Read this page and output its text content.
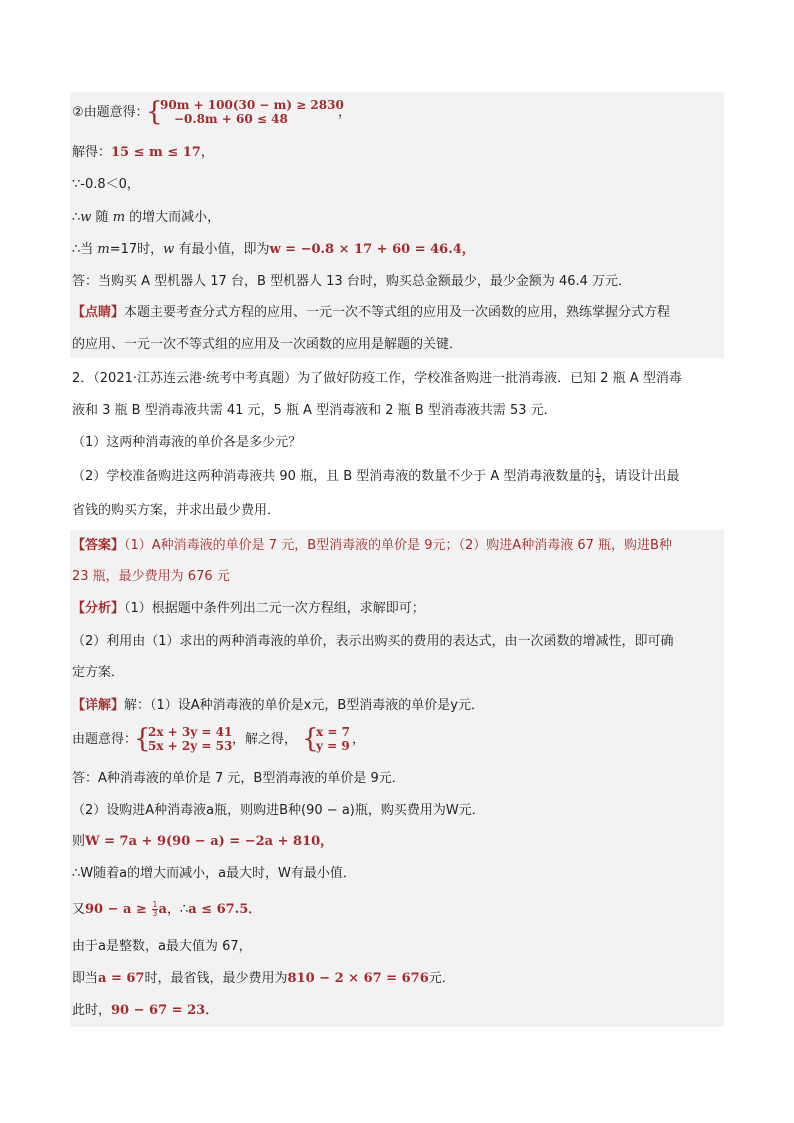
②由题意得：
{
90m + 100(30 − m) ≥ 2830
−0.8m + 60 ≤ 48	，
解得：15 ≤ m ≤ 17，
∵-0.8＜0，
∴w 随 m 的增大而减小，
∴当 m=17时，w 有最小值，即为w = −0.8 × 17 + 60 = 46.4，
答：当购买 A 型机器人 17 台，B 型机器人 13 台时，购买总金额最少，最少金额为 46.4 万元．
【点睛】本题主要考查分式方程的应用、一元一次不等式组的应用及一次函数的应用，熟练掌握分式方程
的应用、一元一次不等式组的应用及一次函数的应用是解题的关键．
2．（2021·江苏连云港·统考中考真题）为了做好防疫工作，学校准备购进一批消毒液．已知 2 瓶 A 型消毒
液和 3 瓶 B 型消毒液共需 41 元，5 瓶 A 型消毒液和 2 瓶 B 型消毒液共需 53 元．
（1）这两种消毒液的单价各是多少元？
（2）学校准备购进这两种消毒液共 90 瓶，且 B 型消毒液的数量不少于 A 型消毒液数量的 $\frac{1}{3}$ ，请设计出最
省钱的购买方案，并求出最少费用．
【答案】（1）A种消毒液的单价是 7 元，B型消毒液的单价是 9元；（2）购进A种消毒液 67 瓶，购进B种
23 瓶，最少费用为 676 元
【分析】（1）根据题中条件列出二元一次方程组，求解即可；
（2）利用由（1）求出的两种消毒液的单价，表示出购买的费用的表达式，由一次函数的增减性，即可确
定方案．
【详解】解：（1）设A种消毒液的单价是x元，B型消毒液的单价是y元．
由题意得：
{
2x + 3y = 41
5x + 2y = 53 ，解之得， {
x = 7
y = 9 ，
答：A种消毒液的单价是 7 元，B型消毒液的单价是 9元．
（2）设购进A种消毒液a瓶，则购进B种(90 − a)瓶，购买费用为W元．
则W = 7a + 9(90 − a) = −2a + 810，
∴W随着a的增大而减小，a最大时，W有最小值．
又$90 - a \ge \frac{1}{3}$ a，∴a ≤ 67.5．
由于a是整数，a最大值为 67，
即当a = 67时，最省钱，最少费用为810 − 2 × 67 = 676元．
此时，90 − 67 = 23．
